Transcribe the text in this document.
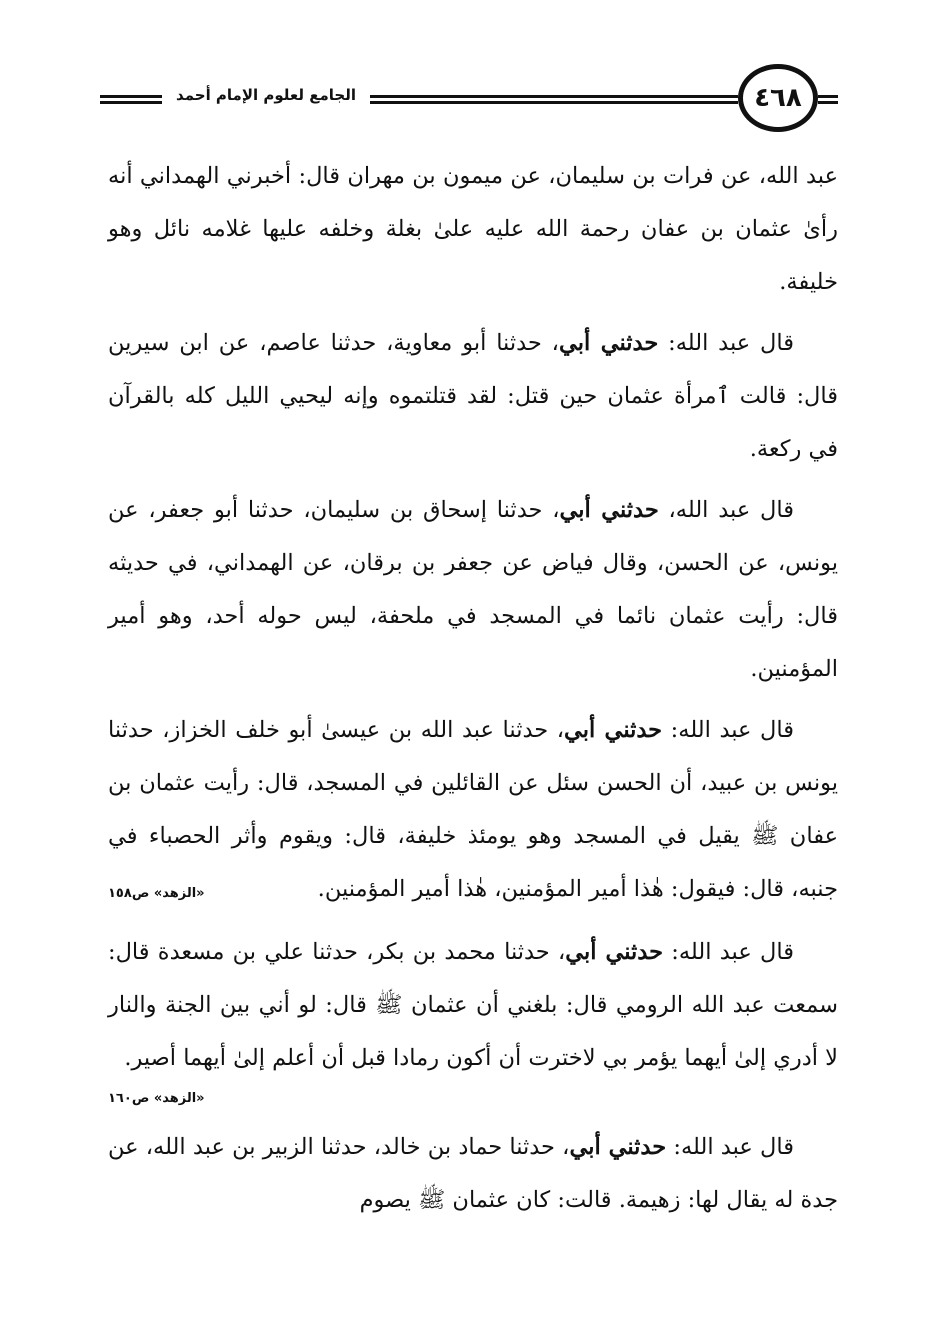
الجامع لعلوم الإمام أحمد	٤٦٨

عبد الله، عن فرات بن سليمان، عن ميمون بن مهران قال: أخبرني الهمداني أنه رأىٰ عثمان بن عفان رحمة الله عليه علىٰ بغلة وخلفه عليها غلامه نائل وهو خليفة.

قال عبد الله: حدثني أبي، حدثنا أبو معاوية، حدثنا عاصم، عن ابن سيرين قال: قالت ٱمرأة عثمان حين قتل: لقد قتلتموه وإنه ليحيي الليل كله بالقرآن في ركعة.

قال عبد الله، حدثني أبي، حدثنا إسحاق بن سليمان، حدثنا أبو جعفر، عن يونس، عن الحسن، وقال فياض عن جعفر بن برقان، عن الهمداني، في حديثه قال: رأيت عثمان نائما في المسجد في ملحفة، ليس حوله أحد، وهو أمير المؤمنين.

قال عبد الله: حدثني أبي، حدثنا عبد الله بن عيسىٰ أبو خلف الخزاز، حدثنا يونس بن عبيد، أن الحسن سئل عن القائلين في المسجد، قال: رأيت عثمان بن عفان ﷺ يقيل في المسجد وهو يومئذ خليفة، قال: ويقوم وأثر الحصباء في جنبه، قال: فيقول: هٰذا أمير المؤمنين، هٰذا أمير المؤمنين.

«الزهد» ص١٥٨

قال عبد الله: حدثني أبي، حدثنا محمد بن بكر، حدثنا علي بن مسعدة قال: سمعت عبد الله الرومي قال: بلغني أن عثمان ﷺ قال: لو أني بين الجنة والنار لا أدري إلىٰ أيهما يؤمر بي لاخترت أن أكون رمادا قبل أن أعلم إلىٰ أيهما أصير.

«الزهد» ص١٦٠

قال عبد الله: حدثني أبي، حدثنا حماد بن خالد، حدثنا الزبير بن عبد الله، عن جدة له يقال لها: زهيمة. قالت: كان عثمان ﷺ يصوم
